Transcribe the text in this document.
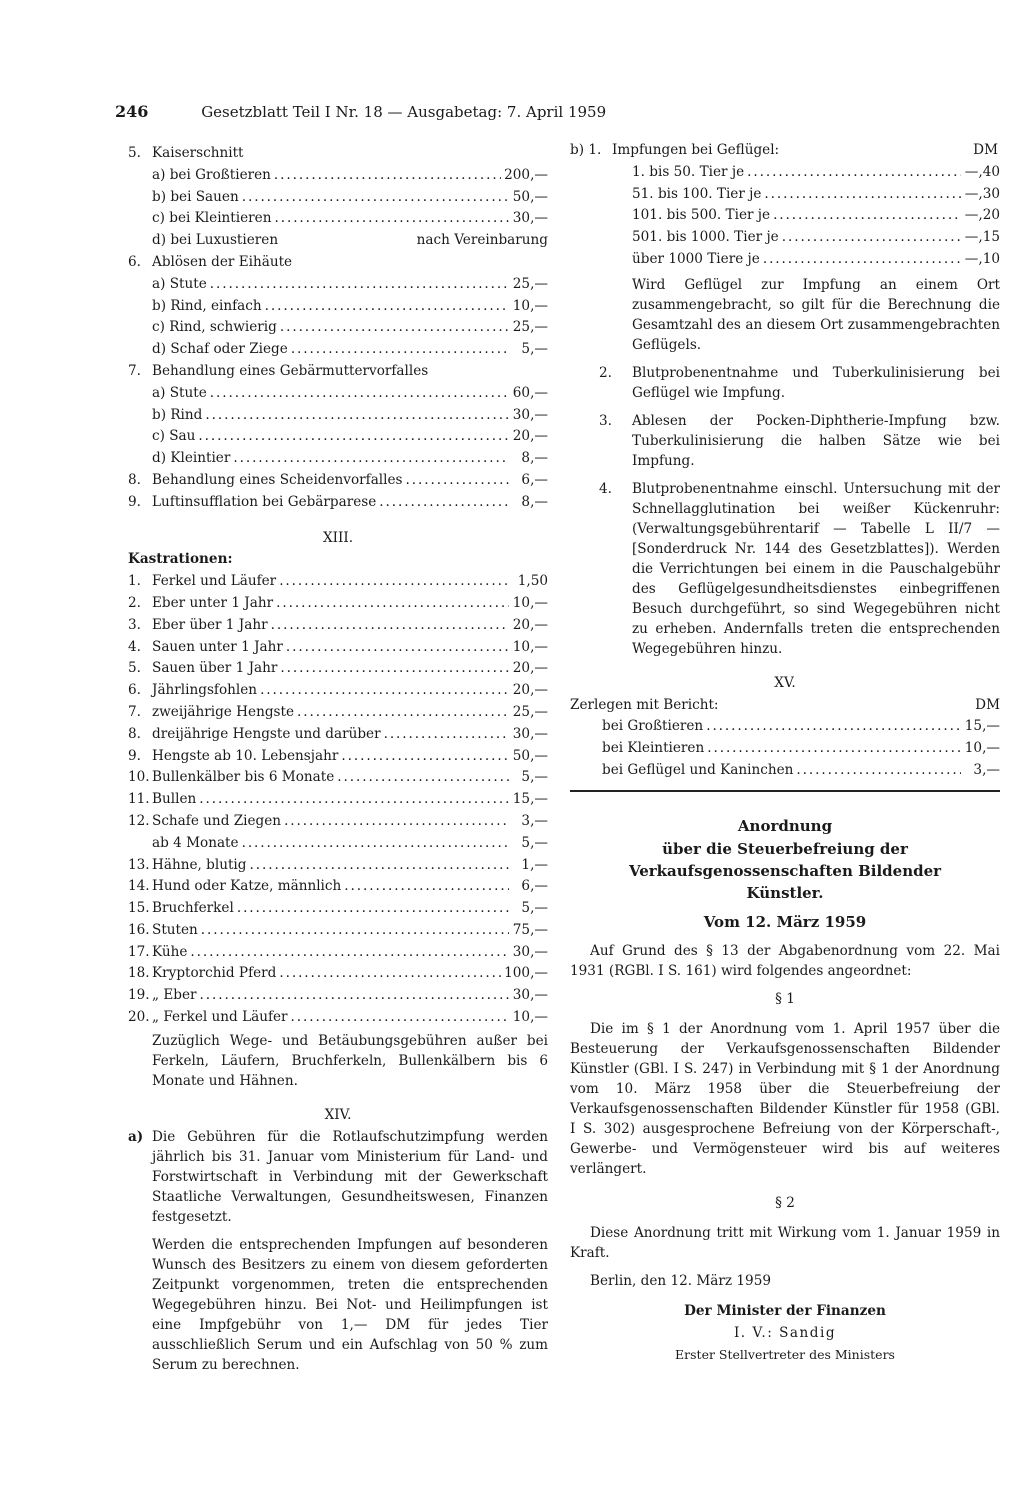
246	Gesetzblatt Teil I Nr. 18 — Ausgabetag: 7. April 1959
5. Kaiserschnitt
a) bei Großtieren . . .	200,—
b) bei Sauen . . .	50,—
c) bei Kleintieren . . .	30,—
d) bei Luxustieren	nach Vereinbarung
6. Ablösen der Eihäute
a) Stute . . .	25,—
b) Rind, einfach . . .	10,—
c) Rind, schwierig . . .	25,—
d) Schaf oder Ziege . . .	5,—
7. Behandlung eines Gebärmuttervorfalles
a) Stute . . .	60,—
b) Rind . . .	30,—
c) Sau . . .	20,—
d) Kleintier . . .	8,—
8. Behandlung eines Scheidenvorfalles . . .	6,—
9. Luftinsufflation bei Gebärparese . . .	8,—
XIII.
Kastrationen:
1. Ferkel und Läufer . . .	1,50
2. Eber unter 1 Jahr . . .	10,—
3. Eber über 1 Jahr . . .	20,—
4. Sauen unter 1 Jahr . . .	10,—
5. Sauen über 1 Jahr . . .	20,—
6. Jährlingsfohlen . . .	20,—
7. zweijährige Hengste . . .	25,—
8. dreijährige Hengste und darüber . . .	30,—
9. Hengste ab 10. Lebensjahr . . .	50,—
10. Bullenkälber bis 6 Monate . . .	5,—
11. Bullen . . .	15,—
12. Schafe und Ziegen . . .	3,—
ab 4 Monate . . .	5,—
13. Hähne, blutig . . .	1,—
14. Hund oder Katze, männlich . . .	6,—
15. Bruchferkel . . .	5,—
16. Stuten . . .	75,—
17. Kühe . . .	30,—
18. Kryptorchid Pferd . . .	100,—
19. „ Eber . . .	30,—
20. „ Ferkel und Läufer . . .	10,—
Zuzüglich Wege- und Betäubungsgebühren außer bei Ferkeln, Läufern, Bruchferkeln, Bullenkälbern bis 6 Monate und Hähnen.
XIV.
a) Die Gebühren für die Rotlaufschutzimpfung werden jährlich bis 31. Januar vom Ministerium für Land- und Forstwirtschaft in Verbindung mit der Gewerkschaft Staatliche Verwaltungen, Gesundheitswesen, Finanzen festgesetzt.
Werden die entsprechenden Impfungen auf besonderen Wunsch des Besitzers zu einem von diesem geforderten Zeitpunkt vorgenommen, treten die entsprechenden Wegegebühren hinzu. Bei Not- und Heilimpfungen ist eine Impfgebühr von 1,— DM für jedes Tier ausschließlich Serum und ein Aufschlag von 50 % zum Serum zu berechnen.
b) 1. Impfungen bei Geflügel:	DM
1. bis 50. Tier je . . .	—,40
51. bis 100. Tier je . . .	—,30
101. bis 500. Tier je . . .	—,20
501. bis 1000. Tier je . . .	—,15
über 1000 Tiere je . . .	—,10
Wird Geflügel zur Impfung an einem Ort zusammengebracht, so gilt für die Berechnung die Gesamtzahl des an diesem Ort zusammengebrachten Geflügels.
2.	Blutprobenentnahme und Tuberkulinisierung bei Geflügel wie Impfung.
3.	Ablesen der Pocken-Diphtherie-Impfung bzw. Tuberkulinisierung die halben Sätze wie bei Impfung.
4.	Blutprobenentnahme einschl. Untersuchung mit der Schnellagglutination bei weißer Kückenruhr: (Verwaltungsgebührentarif — Tabelle L II/7 — [Sonderdruck Nr. 144 des Gesetzblattes]). Werden die Verrichtungen bei einem in die Pauschalgebühr des Geflügelgesundheitsdienstes einbegriffenen Besuch durchgeführt, so sind Wegegebühren nicht zu erheben. Andernfalls treten die entsprechenden Wegegebühren hinzu.
XV.
Zerlegen mit Bericht:	DM
bei Großtieren . . .	15,—
bei Kleintieren . . .	10,—
bei Geflügel und Kaninchen . . .	3,—
Anordnung
über die Steuerbefreiung der Verkaufsgenossenschaften Bildender Künstler.
Vom 12. März 1959
Auf Grund des § 13 der Abgabenordnung vom 22. Mai 1931 (RGBl. I S. 161) wird folgendes angeordnet:
§ 1
Die im § 1 der Anordnung vom 1. April 1957 über die Besteuerung der Verkaufsgenossenschaften Bildender Künstler (GBl. I S. 247) in Verbindung mit § 1 der Anordnung vom 10. März 1958 über die Steuerbefreiung der Verkaufsgenossenschaften Bildender Künstler für 1958 (GBl. I S. 302) ausgesprochene Befreiung von der Körperschaft-, Gewerbe- und Vermögensteuer wird bis auf weiteres verlängert.
§ 2
Diese Anordnung tritt mit Wirkung vom 1. Januar 1959 in Kraft.
Berlin, den 12. März 1959
Der Minister der Finanzen
I. V.: Sandig
Erster Stellvertreter des Ministers
